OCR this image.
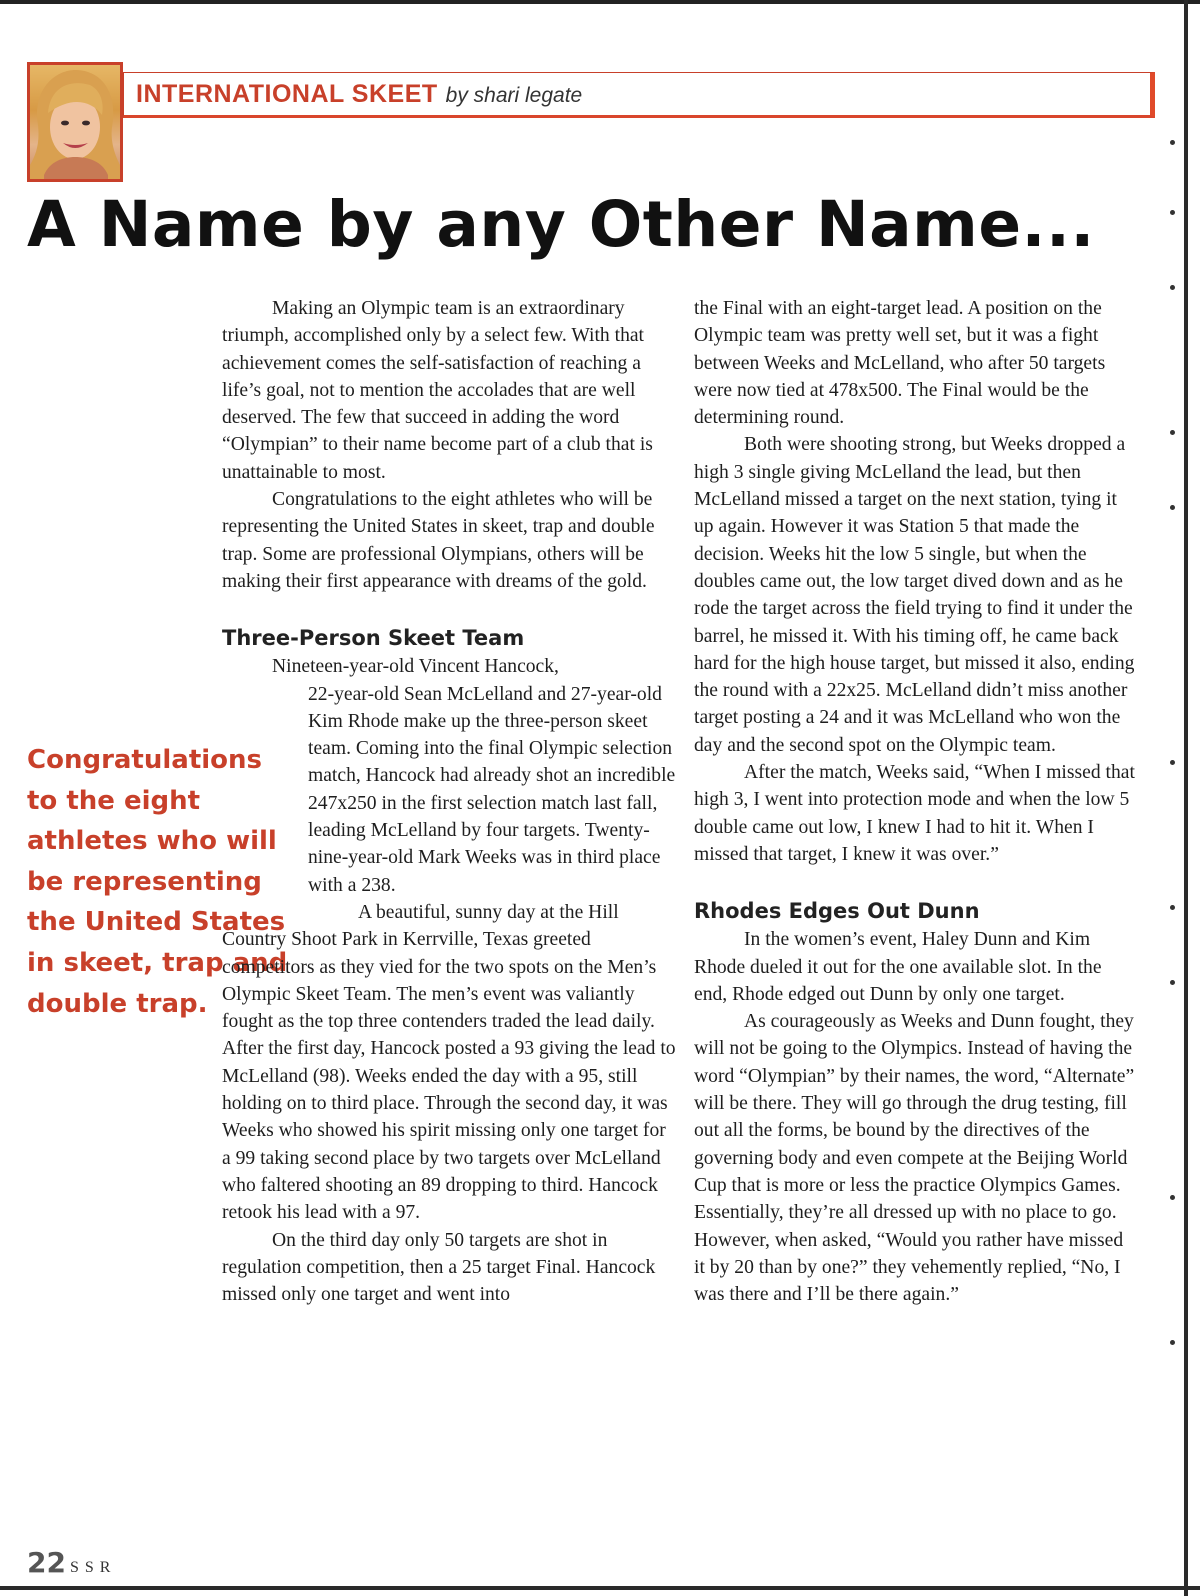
INTERNATIONAL SKEET by shari legate
A Name by any Other Name...
Congratulations to the eight athletes who will be representing the United States in skeet, trap and double trap.

Making an Olympic team is an extraordinary triumph, accomplished only by a select few. With that achievement comes the self-satisfaction of reaching a life’s goal, not to mention the accolades that are well deserved. The few that succeed in adding the word “Olympian” to their name become part of a club that is unattainable to most.

Congratulations to the eight athletes who will be representing the United States in skeet, trap and double trap. Some are professional Olympians, others will be making their first appearance with dreams of the gold.

Three-Person Skeet Team

Nineteen-year-old Vincent Hancock,

22-year-old Sean McLelland and 27-year-old Kim Rhode make up the three-person skeet team. Coming into the final Olympic selection match, Hancock had already shot an incredible 247x250 in the first selection match last fall, leading McLelland by four targets. Twenty-nine-year-old Mark Weeks was in third place with a 238.

A beautiful, sunny day at the Hill Country Shoot Park in Kerrville, Texas greeted competitors as they vied for the two spots on the Men’s Olympic Skeet Team. The men’s event was valiantly fought as the top three contenders traded the lead daily. After the first day, Hancock posted a 93 giving the lead to McLelland (98). Weeks ended the day with a 95, still holding on to third place. Through the second day, it was Weeks who showed his spirit missing only one target for a 99 taking second place by two targets over McLelland who faltered shooting an 89 dropping to third. Hancock retook his lead with a 97.

On the third day only 50 targets are shot in regulation competition, then a 25 target Final. Hancock missed only one target and went into

the Final with an eight-target lead. A position on the Olympic team was pretty well set, but it was a fight between Weeks and McLelland, who after 50 targets were now tied at 478x500. The Final would be the determining round.

Both were shooting strong, but Weeks dropped a high 3 single giving McLelland the lead, but then McLelland missed a target on the next station, tying it up again. However it was Station 5 that made the decision. Weeks hit the low 5 single, but when the doubles came out, the low target dived down and as he rode the target across the field trying to find it under the barrel, he missed it. With his timing off, he came back hard for the high house target, but missed it also, ending the round with a 22x25. McLelland didn’t miss another target posting a 24 and it was McLelland who won the day and the second spot on the Olympic team.

After the match, Weeks said, “When I missed that high 3, I went into protection mode and when the low 5 double came out low, I knew I had to hit it. When I missed that target, I knew it was over.”

Rhodes Edges Out Dunn

In the women’s event, Haley Dunn and Kim Rhode dueled it out for the one available slot. In the end, Rhode edged out Dunn by only one target.

As courageously as Weeks and Dunn fought, they will not be going to the Olympics. Instead of having the word “Olympian” by their names, the word, “Alternate” will be there. They will go through the drug testing, fill out all the forms, be bound by the directives of the governing body and even compete at the Beijing World Cup that is more or less the practice Olympics Games. Essentially, they’re all dressed up with no place to go. However, when asked, “Would you rather have missed it by 20 than by one?” they vehemently replied, “No, I was there and I’ll be there again.”

22 SSR
